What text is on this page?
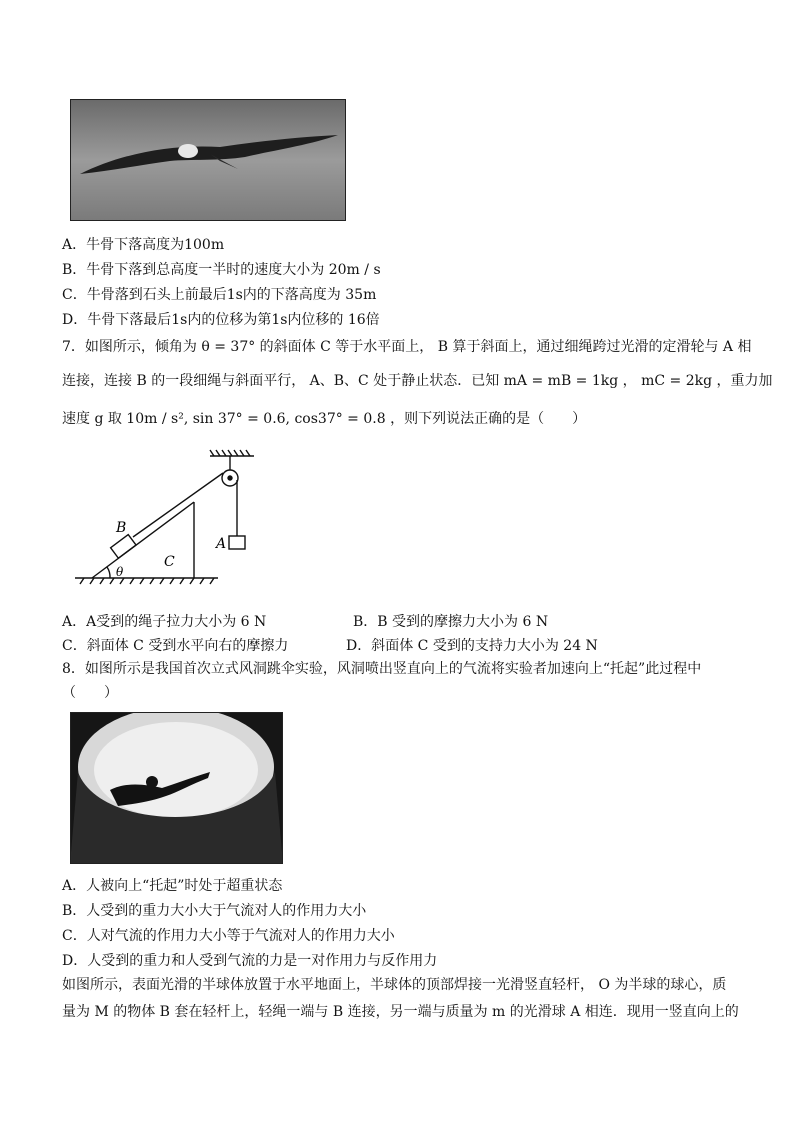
A．牛骨下落高度为100m
B．牛骨下落到总高度一半时的速度大小为 20m / s
C．牛骨落到石头上前最后1s内的下落高度为 35m
D．牛骨下落最后1s内的位移为第1s内位移的 16倍
7．如图所示，倾角为 θ = 37° 的斜面体 C 等于水平面上， B 算于斜面上，通过细绳跨过光滑的定滑轮与 A 相
连接，连接 B 的一段细绳与斜面平行， A、B、C 处于静止状态．已知 mA = mB = 1kg ， mC = 2kg ，重力加
速度 g 取 10m / s², sin 37° = 0.6, cos37° = 0.8 ，则下列说法正确的是（　　）
B
C
A
θ
A．A受到的绳子拉力大小为 6 N	B．B 受到的摩擦力大小为 6 N
C．斜面体 C 受到水平向右的摩擦力	D．斜面体 C 受到的支持力大小为 24 N
8．如图所示是我国首次立式风洞跳伞实验，风洞喷出竖直向上的气流将实验者加速向上“托起”此过程中
（　　）
A．人被向上“托起”时处于超重状态
B．人受到的重力大小大于气流对人的作用力大小
C．人对气流的作用力大小等于气流对人的作用力大小
D．人受到的重力和人受到气流的力是一对作用力与反作用力
如图所示，表面光滑的半球体放置于水平地面上，半球体的顶部焊接一光滑竖直轻杆， O 为半球的球心，质
量为 M 的物体 B 套在轻杆上，轻绳一端与 B 连接，另一端与质量为 m 的光滑球 A 相连．现用一竖直向上的
